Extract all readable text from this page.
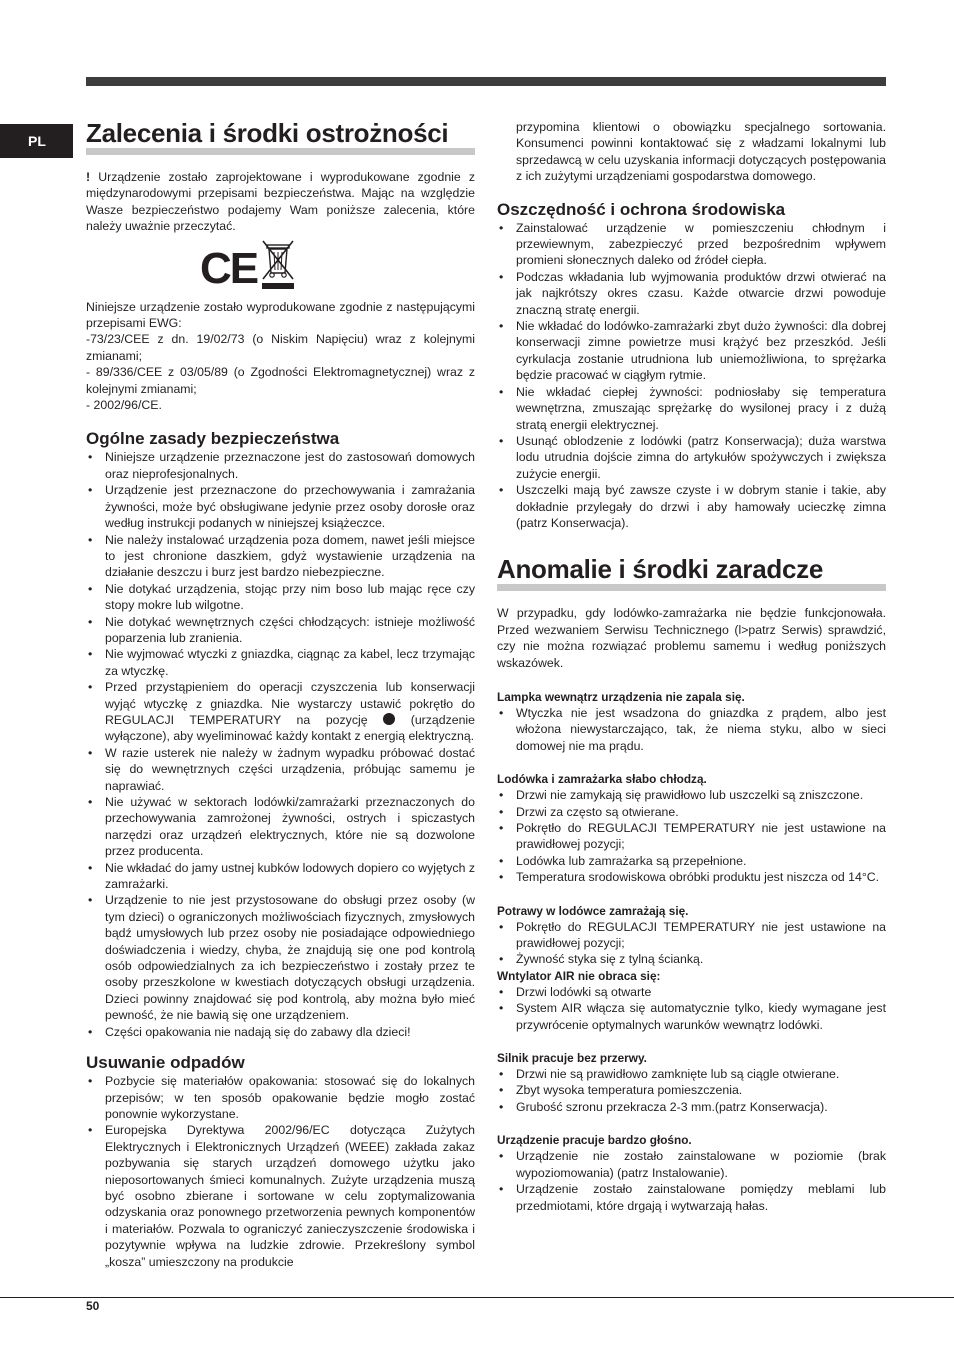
PL	Zalecenia i środki ostrożności

! Urządzenie zostało zaprojektowane i wyprodukowane zgodnie z międzynarodowymi przepisami bezpieczeństwa. Mając na względzie Wasze bezpieczeństwo podajemy Wam poniższe zalecenia, które należy uważnie przeczytać.

CE

Niniejsze urządzenie zostało wyprodukowane zgodnie z następującymi przepisami EWG:

-73/23/CEE z dn. 19/02/73 (o Niskim Napięciu) wraz z kolejnymi zmianami;

- 89/336/CEE z 03/05/89 (o Zgodności Elektromagnetycznej) wraz z kolejnymi zmianami;

- 2002/96/CE.

Ogólne zasady bezpieczeństwa
• Niniejsze urządzenie przeznaczone jest do zastosowań domowych oraz nieprofesjonalnych.
• Urządzenie jest przeznaczone do przechowywania i zamrażania żywności, może być obsługiwane jedynie przez osoby dorosłe oraz według instrukcji podanych w niniejszej książeczce.
• Nie należy instalować urządzenia poza domem, nawet jeśli miejsce to jest chronione daszkiem, gdyż wystawienie urządzenia na działanie deszczu i burz jest bardzo niebezpieczne.
• Nie dotykać urządzenia, stojąc przy nim boso lub mając ręce czy stopy mokre lub wilgotne.
• Nie dotykać wewnętrznych części chłodzących: istnieje możliwość poparzenia lub zranienia.
• Nie wyjmować wtyczki z gniazdka, ciągnąc za kabel, lecz trzymając za wtyczkę.
• Przed przystąpieniem do operacji czyszczenia lub konserwacji wyjąć wtyczkę z gniazdka. Nie wystarczy ustawić pokrętło do REGULACJI TEMPERATURY na pozycję  (urządzenie wyłączone), aby wyeliminować każdy kontakt z energią elektryczną.
• W razie usterek nie należy w żadnym wypadku próbować dostać się do wewnętrznych części urządzenia, próbując samemu je naprawiać.
• Nie używać w sektorach lodówki/zamrażarki przeznaczonych do przechowywania zamrożonej żywności, ostrych i spiczastych narzędzi oraz urządzeń elektrycznych, które nie są dozwolone przez producenta.
• Nie wkładać do jamy ustnej kubków lodowych dopiero co wyjętych z zamrażarki.
• Urządzenie to nie jest przystosowane do obsługi przez osoby (w tym dzieci) o ograniczonych możliwościach fizycznych, zmysłowych bądź umysłowych lub przez osoby nie posiadające odpowiedniego doświadczenia i wiedzy, chyba, że znajdują się one pod kontrolą osób odpowiedzialnych za ich bezpieczeństwo i zostały przez te osoby przeszkolone w kwestiach dotyczących obsługi urządzenia. Dzieci powinny znajdować się pod kontrolą, aby można było mieć pewność, że nie bawią się one urządzeniem.
• Części opakowania nie nadają się do zabawy dla dzieci!
Usuwanie odpadów
• Pozbycie się materiałów opakowania: stosować się do lokalnych przepisów; w ten sposób opakowanie będzie mogło zostać ponownie wykorzystane.
• Europejska Dyrektywa 2002/96/EC dotycząca Zużytych Elektrycznych i Elektronicznych Urządzeń (WEEE) zakłada zakaz pozbywania się starych urządzeń domowego użytku jako nieposortowanych śmieci komunalnych. Zużyte urządzenia muszą być osobno zbierane i sortowane w celu zoptymalizowania odzyskania oraz ponownego przetworzenia pewnych komponentów i materiałów. Pozwala to ograniczyć zanieczyszczenie środowiska i pozytywnie wpływa na ludzkie zdrowie. Przekreślony symbol „kosza” umieszczony na produkcie

przypomina klientowi o obowiązku specjalnego sortowania. Konsumenci powinni kontaktować się z władzami lokalnymi lub sprzedawcą w celu uzyskania informacji dotyczących postępowania z ich zużytymi urządzeniami gospodarstwa domowego.

Oszczędność i ochrona środowiska
• Zainstalować urządzenie w pomieszczeniu chłodnym i przewiewnym, zabezpieczyć przed bezpośrednim wpływem promieni słonecznych daleko od źródeł ciepła.
• Podczas wkładania lub wyjmowania produktów drzwi otwierać na jak najkrótszy okres czasu. Każde otwarcie drzwi powoduje znaczną stratę energii.
• Nie wkładać do lodówko-zamrażarki zbyt dużo żywności: dla dobrej konserwacji zimne powietrze musi krążyć bez przeszkód. Jeśli cyrkulacja zostanie utrudniona lub uniemożliwiona, to sprężarka będzie pracować w ciągłym rytmie.
• Nie wkładać ciepłej żywności: podniosłaby się temperatura wewnętrzna, zmuszając sprężarkę do wysilonej pracy i z dużą stratą energii elektrycznej.
• Usunąć oblodzenie z lodówki (patrz Konserwacja); duża warstwa lodu utrudnia dojście zimna do artykułów spożywczych i zwiększa zużycie energii.
• Uszczelki mają być zawsze czyste i w dobrym stanie i takie, aby dokładnie przylegały do drzwi i aby hamowały ucieczkę zimna (patrz Konserwacja).
Anomalie i środki zaradcze

W przypadku, gdy lodówko-zamrażarka nie będzie funkcjonowała. Przed wezwaniem Serwisu Technicznego (l>patrz Serwis) sprawdzić, czy nie można rozwiązać problemu samemu i według poniższych wskazówek.

Lampka wewnątrz urządzenia nie zapala się.
• Wtyczka nie jest wsadzona do gniazdka z prądem, albo jest włożona niewystarczająco, tak, że niema styku, albo w sieci domowej nie ma prądu.
Lodówka i zamrażarka słabo chłodzą.
• Drzwi nie zamykają się prawidłowo lub uszczelki są zniszczone.
• Drzwi za często są otwierane.
• Pokrętło do REGULACJI TEMPERATURY nie jest ustawione na prawidłowej pozycji;
• Lodówka lub zamrażarka są przepełnione.
• Temperatura srodowiskowa obróbki produktu jest niszcza od 14°C.
Potrawy w lodówce zamrażają się.
• Pokrętło do REGULACJI TEMPERATURY nie jest ustawione na prawidłowej pozycji;
• Żywność styka się z tylną ścianką.
Wntylator AIR nie obraca się:
• Drzwi lodówki są otwarte
• System AIR włącza się automatycznie tylko, kiedy wymagane jest przywrócenie optymalnych warunków wewnątrz lodówki.
Silnik pracuje bez przerwy.
• Drzwi nie są prawidłowo zamknięte lub są ciągle otwierane.
• Zbyt wysoka temperatura pomieszczenia.
• Grubość szronu przekracza 2-3 mm.(patrz Konserwacja).
Urządzenie pracuje bardzo głośno.
• Urządzenie nie zostało zainstalowane w poziomie (brak wypoziomowania) (patrz Instalowanie).
• Urządzenie zostało zainstalowane pomiędzy meblami lub przedmiotami, które drgają i wytwarzają hałas.
50
